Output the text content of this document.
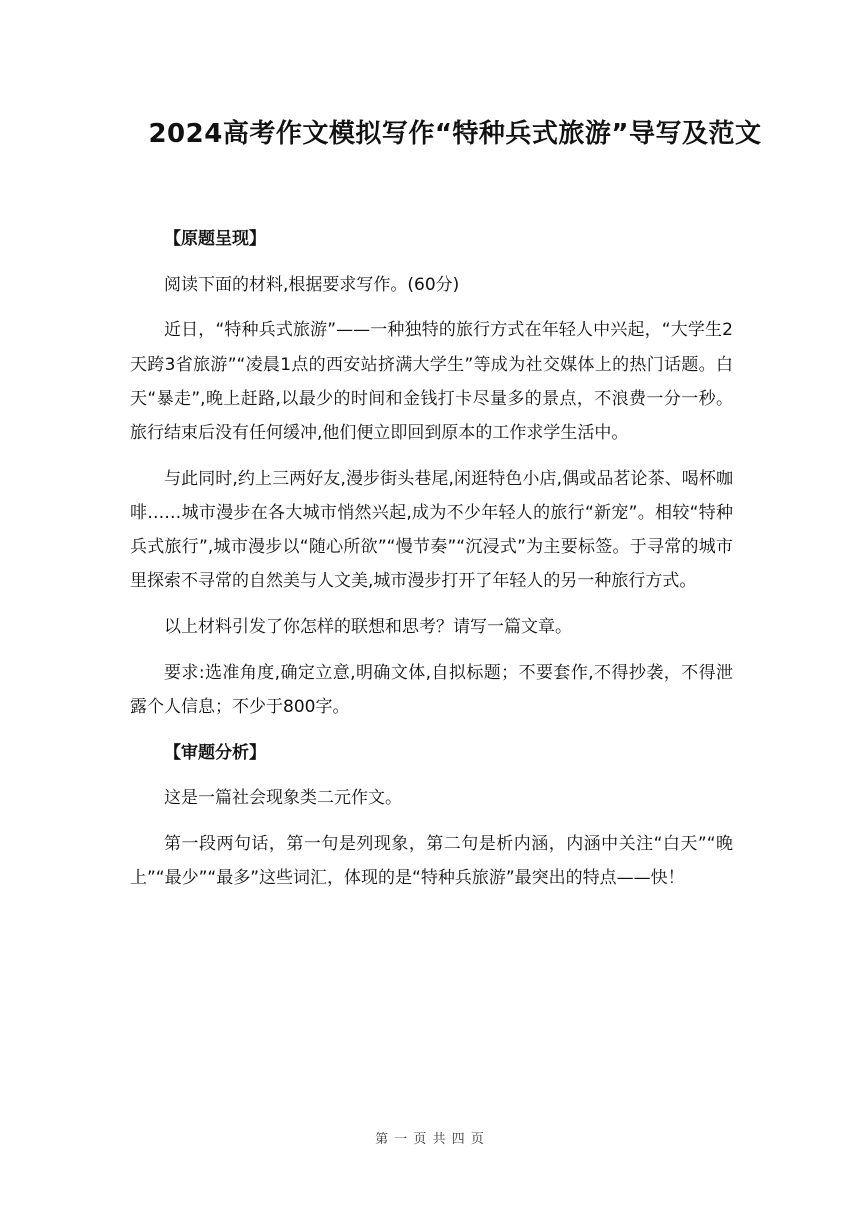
2024高考作文模拟写作“特种兵式旅游”导写及范文

【原题呈现】

阅读下面的材料,根据要求写作。(60分)

近日，“特种兵式旅游”——一种独特的旅行方式在年轻人中兴起，“大学生2天跨3省旅游”“凌晨1点的西安站挤满大学生”等成为社交媒体上的热门话题。白天“暴走”,晚上赶路,以最少的时间和金钱打卡尽量多的景点，不浪费一分一秒。旅行结束后没有任何缓冲,他们便立即回到原本的工作求学生活中。

与此同时,约上三两好友,漫步街头巷尾,闲逛特色小店,偶或品茗论茶、喝杯咖啡……城市漫步在各大城市悄然兴起,成为不少年轻人的旅行“新宠”。相较“特种兵式旅行”,城市漫步以“随心所欲”“慢节奏”“沉浸式”为主要标签。于寻常的城市里探索不寻常的自然美与人文美,城市漫步打开了年轻人的另一种旅行方式。

以上材料引发了你怎样的联想和思考？请写一篇文章。

要求:选准角度,确定立意,明确文体,自拟标题；不要套作,不得抄袭，不得泄露个人信息；不少于800字。

【审题分析】

这是一篇社会现象类二元作文。

第一段两句话，第一句是列现象，第二句是析内涵，内涵中关注“白天”“晚上”“最少”“最多”这些词汇，体现的是“特种兵旅游”最突出的特点——快！

第 一 页 共 四 页
